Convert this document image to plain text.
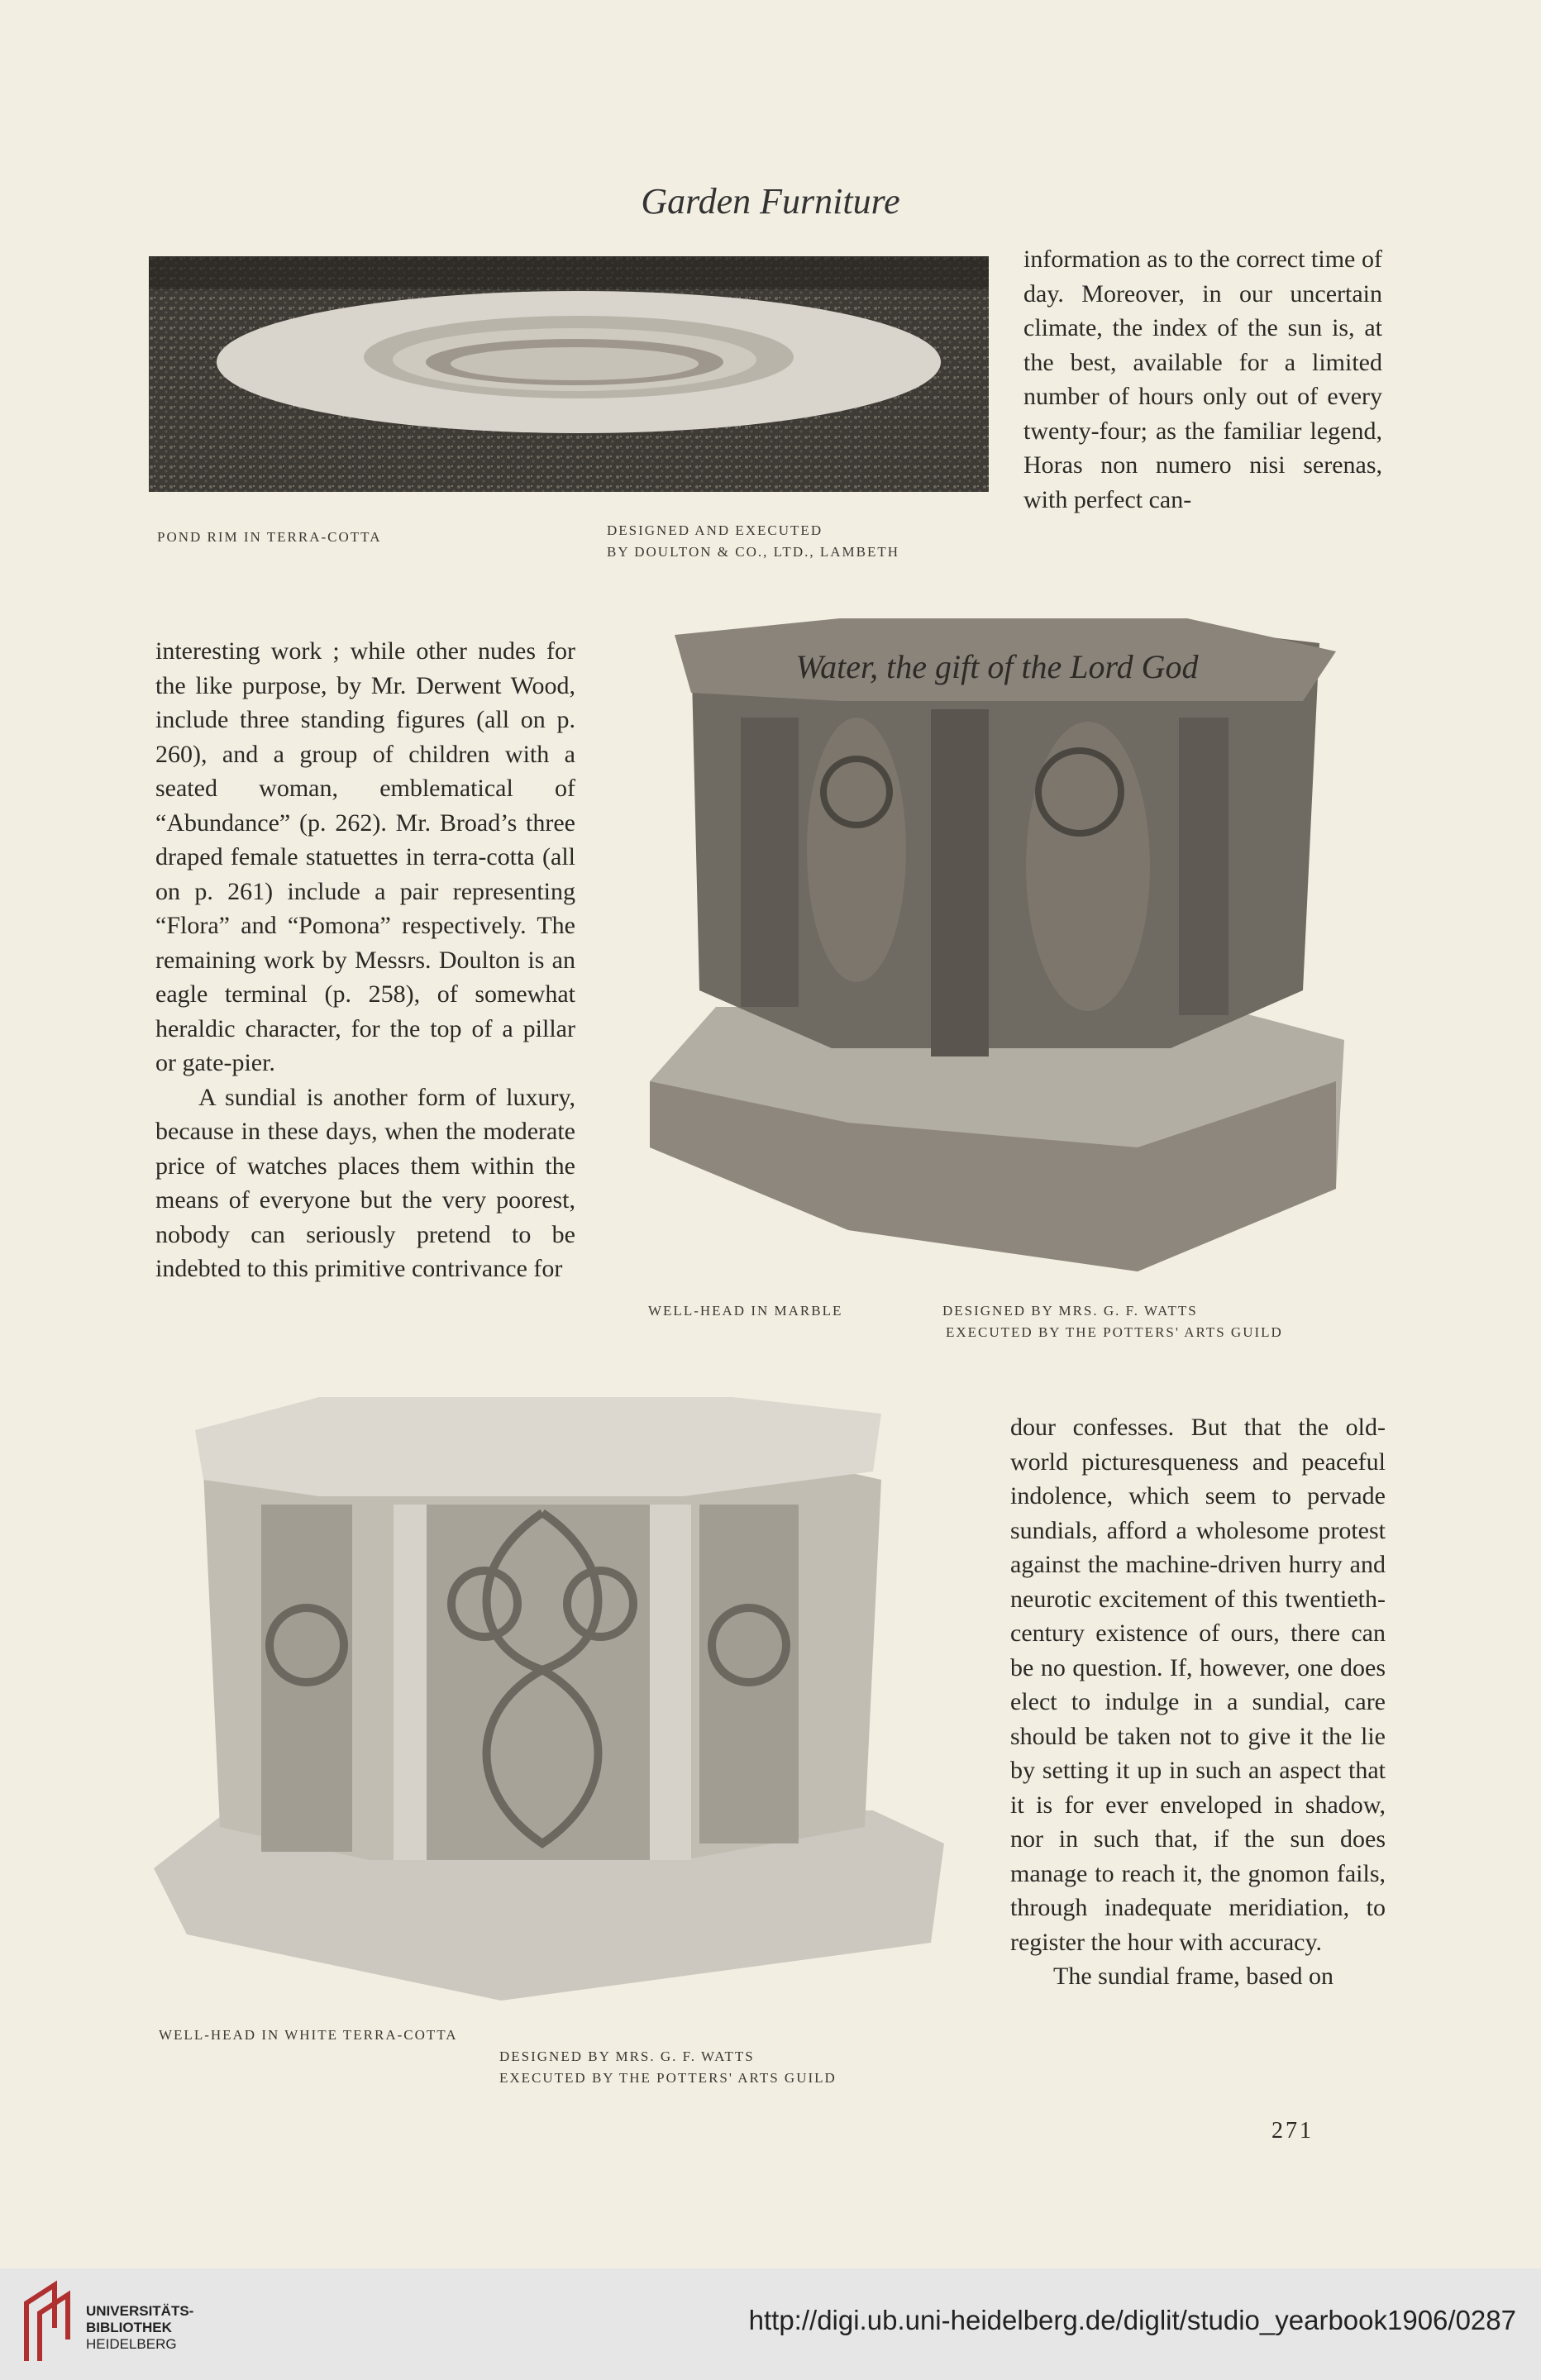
Garden Furniture
POND RIM IN TERRA-COTTA	DESIGNED AND EXECUTED
BY DOULTON & CO., LTD., LAMBETH

information as to the correct time of day. Moreover, in our uncertain climate, the index of the sun is, at the best, available for a limited number of hours only out of every twenty-four; as the familiar legend, Horas non numero nisi serenas, with perfect can-

interesting work ; while other nudes for the like purpose, by Mr. Derwent Wood, include three standing figures (all on p. 260), and a group of children with a seated woman, emblematical of “Abundance” (p. 262). Mr. Broad’s three draped female statuettes in terra-cotta (all on p. 261) include a pair representing “Flora” and “Pomona” respectively. The remaining work by Messrs. Doulton is an eagle terminal (p. 258), of somewhat heraldic character, for the top of a pillar or gate-pier.

A sundial is another form of luxury, because in these days, when the moderate price of watches places them within the means of everyone but the very poorest, nobody can seriously pretend to be indebted to this primitive contrivance for

Water, the gift of the Lord God
WELL-HEAD IN MARBLE	DESIGNED BY MRS. G. F. WATTS
EXECUTED BY THE POTTERS' ARTS GUILD
WELL-HEAD IN WHITE TERRA-COTTA
DESIGNED BY MRS. G. F. WATTS
EXECUTED BY THE POTTERS' ARTS GUILD

dour confesses. But that the old-world picturesqueness and peaceful indolence, which seem to pervade sundials, afford a wholesome protest against the machine-driven hurry and neurotic excitement of this twentieth-century existence of ours, there can be no question. If, however, one does elect to indulge in a sundial, care should be taken not to give it the lie by setting it up in such an aspect that it is for ever enveloped in shadow, nor in such that, if the sun does manage to reach it, the gnomon fails, through inadequate meridiation, to register the hour with accuracy.

The sundial frame, based on

271
UNIVERSITÄTS-
BIBLIOTHEK
HEIDELBERG
http://digi.ub.uni-heidelberg.de/diglit/studio_yearbook1906/0287
